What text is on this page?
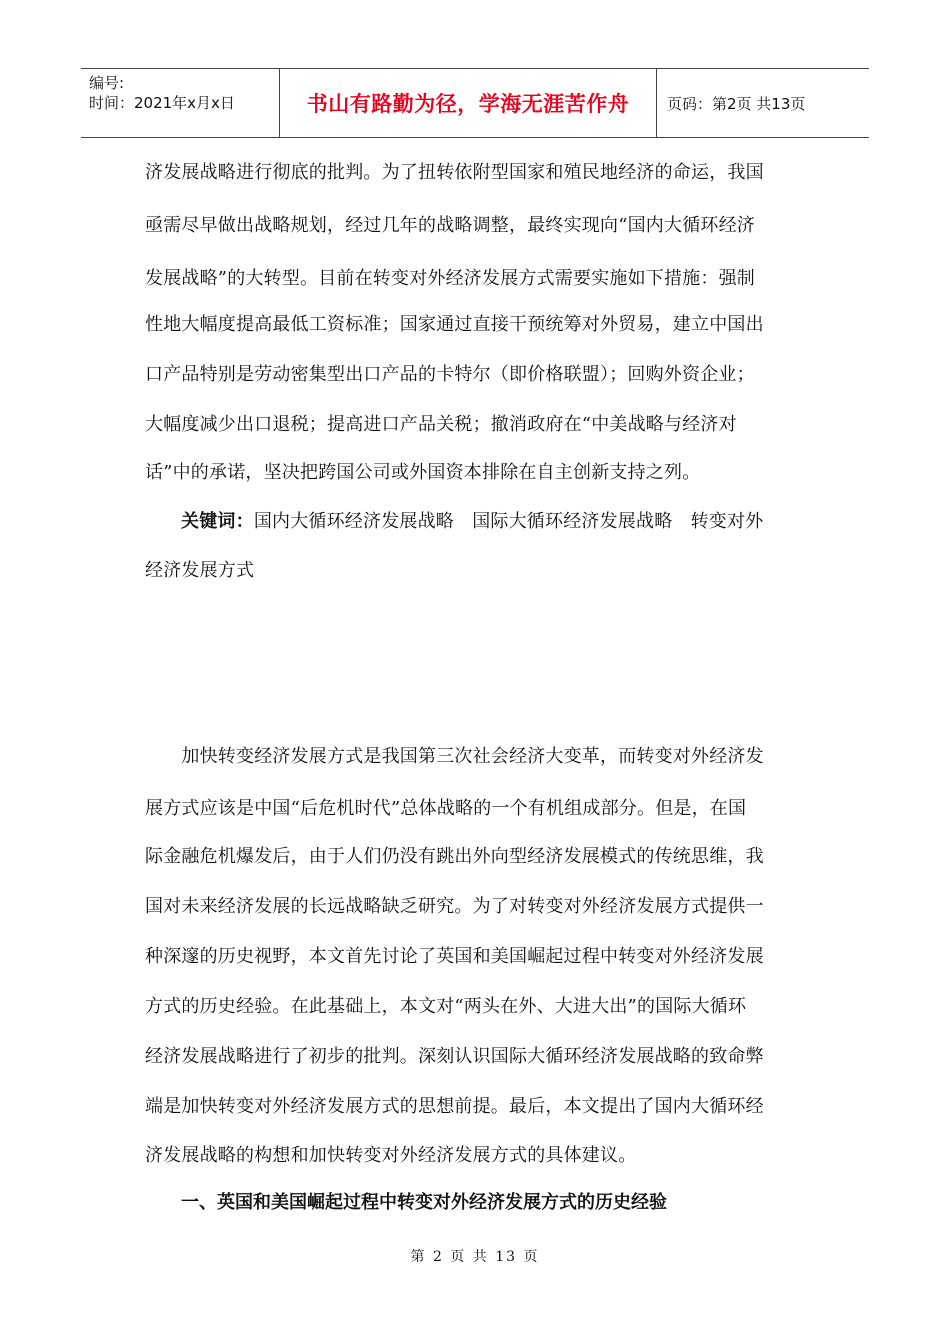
编号:
时间：2021年x月x日	书山有路勤为径，学海无涯苦作舟	页码：第2页 共13页
济发展战略进行彻底的批判。为了扭转依附型国家和殖民地经济的命运，我国
亟需尽早做出战略规划，经过几年的战略调整，最终实现向“国内大循环经济
发展战略”的大转型。目前在转变对外经济发展方式需要实施如下措施：强制
性地大幅度提高最低工资标准；国家通过直接干预统筹对外贸易，建立中国出
口产品特别是劳动密集型出口产品的卡特尔（即价格联盟）；回购外资企业；
大幅度减少出口退税；提高进口产品关税；撤消政府在“中美战略与经济对
话”中的承诺，坚决把跨国公司或外国资本排除在自主创新支持之列。
关键词：国内大循环经济发展战略　国际大循环经济发展战略　转变对外
经济发展方式
　　加快转变经济发展方式是我国第三次社会经济大变革，而转变对外经济发
展方式应该是中国“后危机时代”总体战略的一个有机组成部分。但是，在国
际金融危机爆发后，由于人们仍没有跳出外向型经济发展模式的传统思维，我
国对未来经济发展的长远战略缺乏研究。为了对转变对外经济发展方式提供一
种深邃的历史视野，本文首先讨论了英国和美国崛起过程中转变对外经济发展
方式的历史经验。在此基础上，本文对“两头在外、大进大出”的国际大循环
经济发展战略进行了初步的批判。深刻认识国际大循环经济发展战略的致命弊
端是加快转变对外经济发展方式的思想前提。最后，本文提出了国内大循环经
济发展战略的构想和加快转变对外经济发展方式的具体建议。
一、英国和美国崛起过程中转变对外经济发展方式的历史经验
第 2 页 共 13 页
